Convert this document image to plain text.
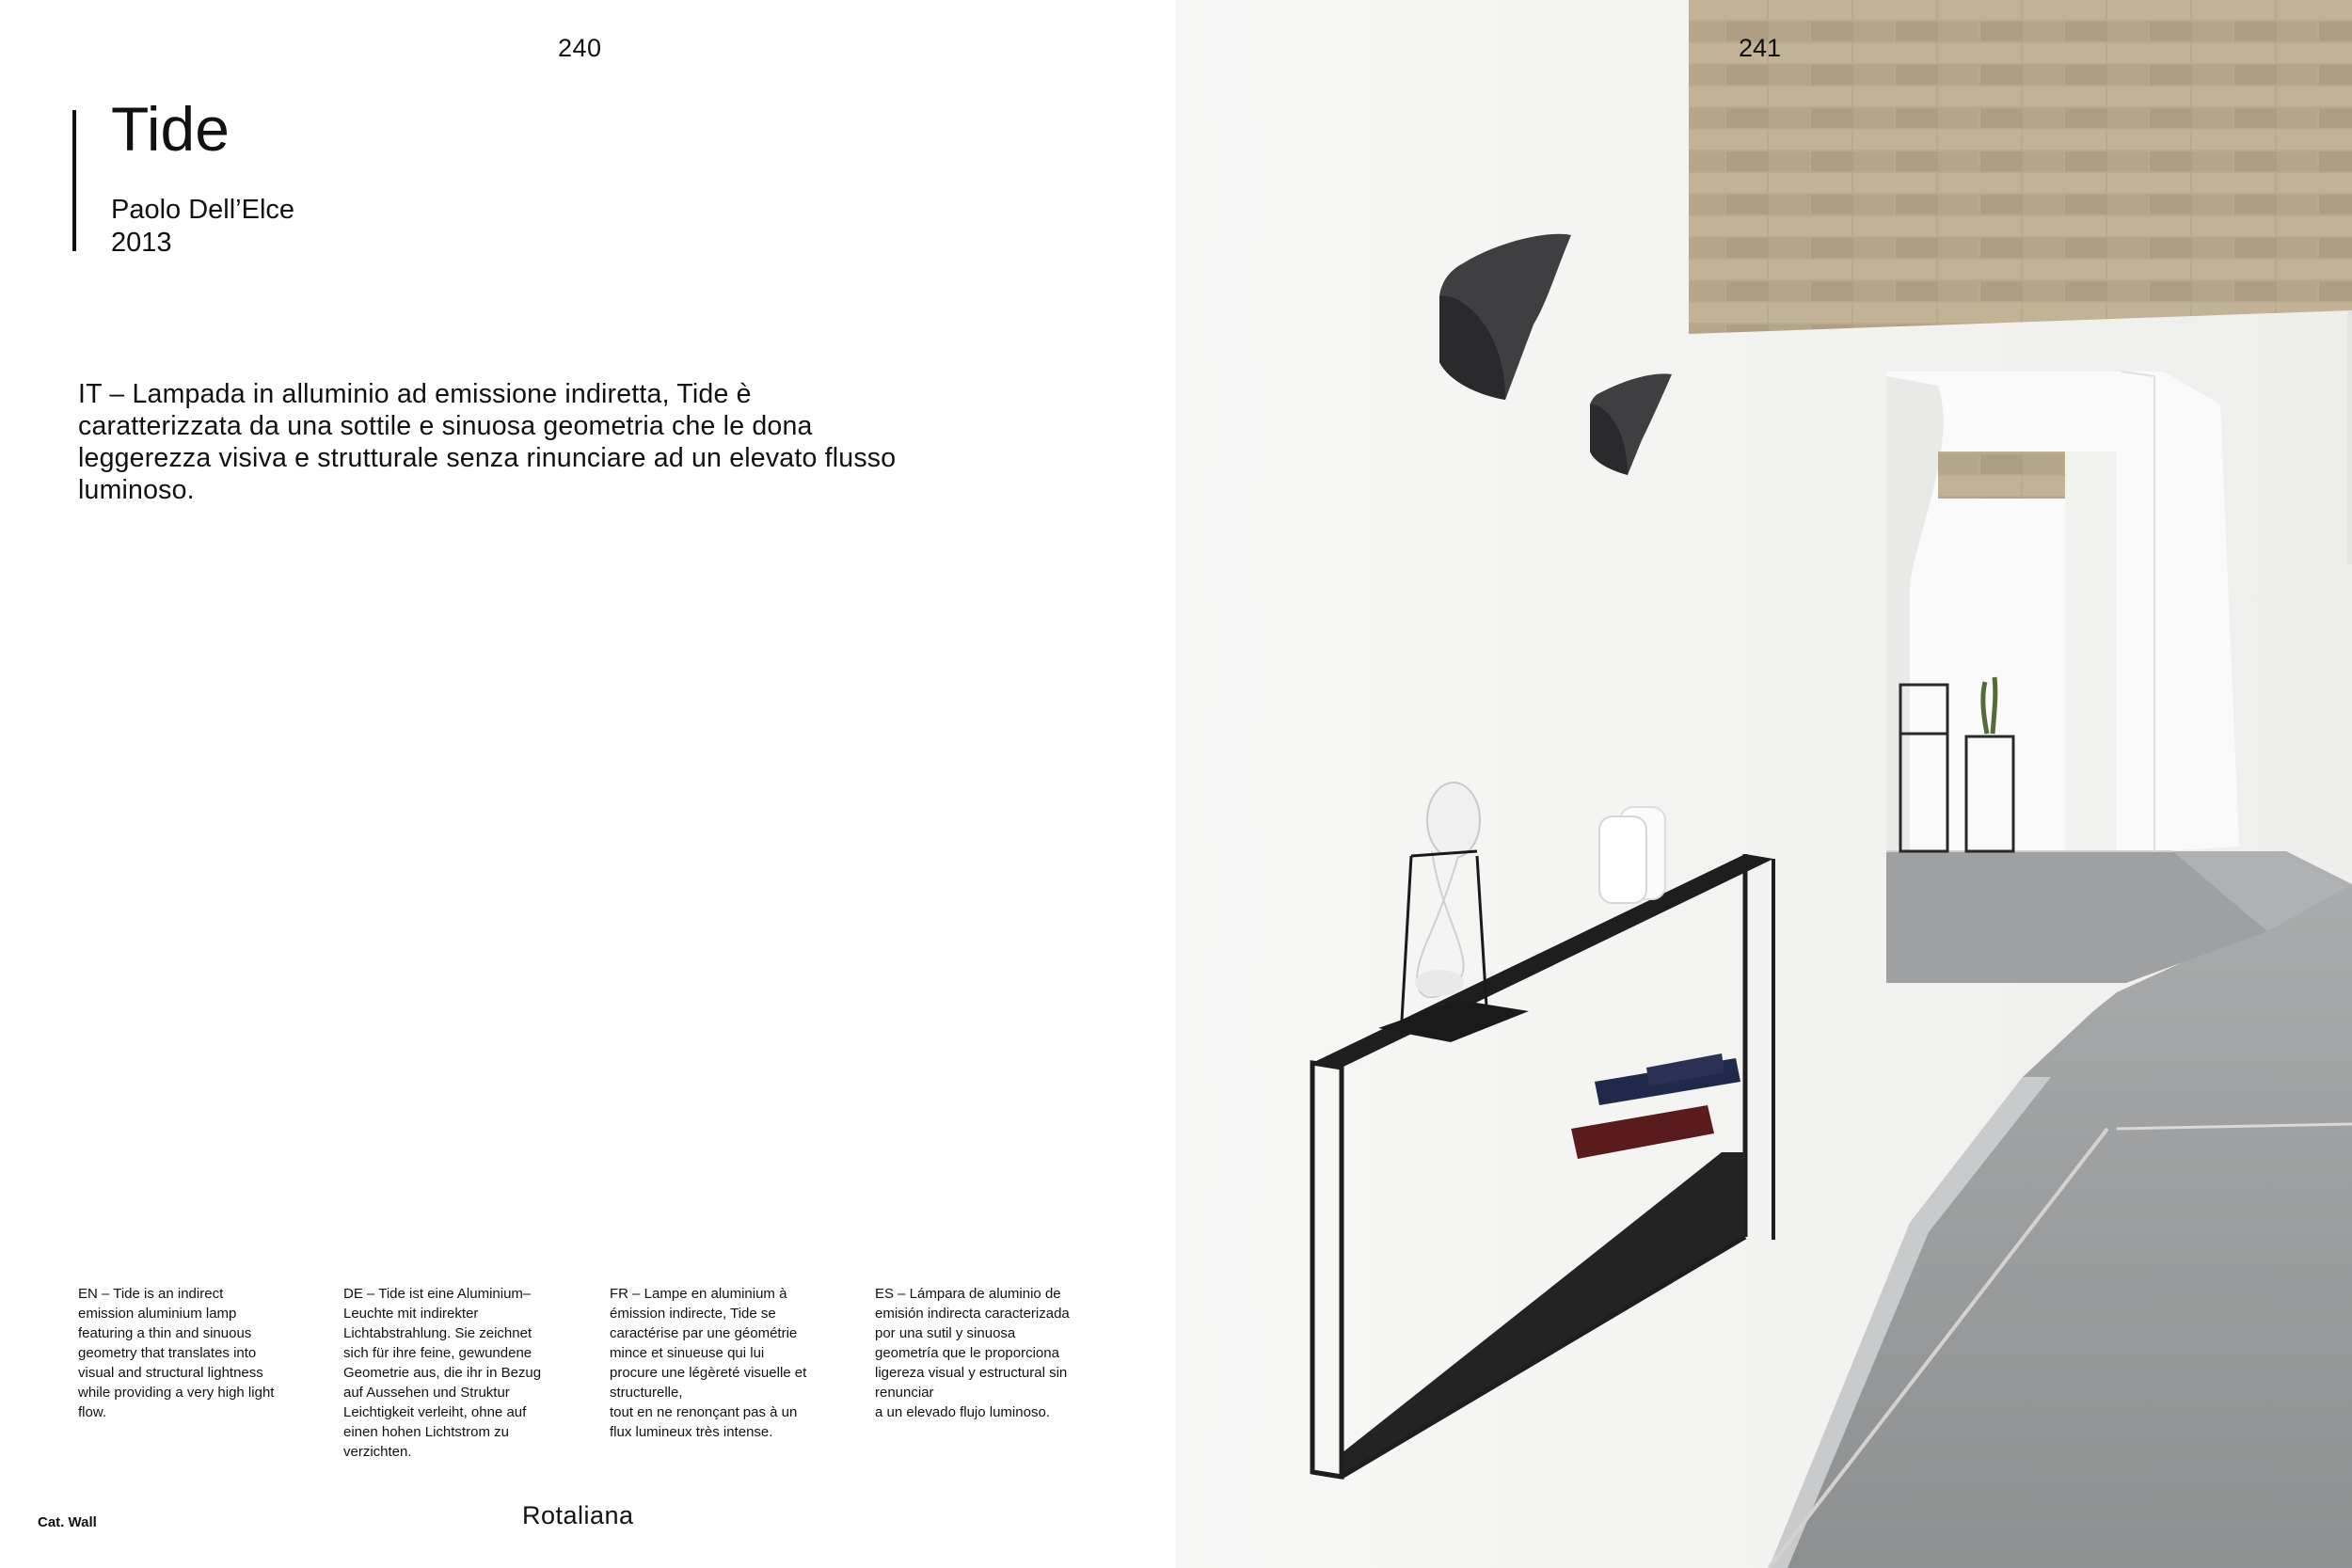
240
Tide
Paolo Dell’Elce
2013
IT – Lampada in alluminio ad emissione indiretta, Tide è caratterizzata da una sottile e sinuosa geometria che le dona leggerezza visiva e strutturale senza rinunciare ad un elevato flusso luminoso.
EN – Tide is an indirect
emission aluminium lamp
featuring a thin and sinuous
geometry that translates into
visual and structural lightness
while providing a very high light
flow.
DE – Tide ist eine Aluminium–
Leuchte mit indirekter
Lichtabstrahlung. Sie zeichnet
sich für ihre feine, gewundene
Geometrie aus, die ihr in Bezug
auf Aussehen und Struktur
Leichtigkeit verleiht, ohne auf
einen hohen Lichtstrom zu
verzichten.
FR – Lampe en aluminium à
émission indirecte, Tide se
caractérise par une géométrie
mince et sinueuse qui lui
procure une légèreté visuelle et
structurelle,
tout en ne renonçant pas à un
flux lumineux très intense.
ES – Lámpara de aluminio de
emisión indirecta caracterizada
por una sutil y sinuosa
geometría que le proporciona
ligereza visual y estructural sin
renunciar
a un elevado flujo luminoso.
Cat. Wall	Rotaliana
241
